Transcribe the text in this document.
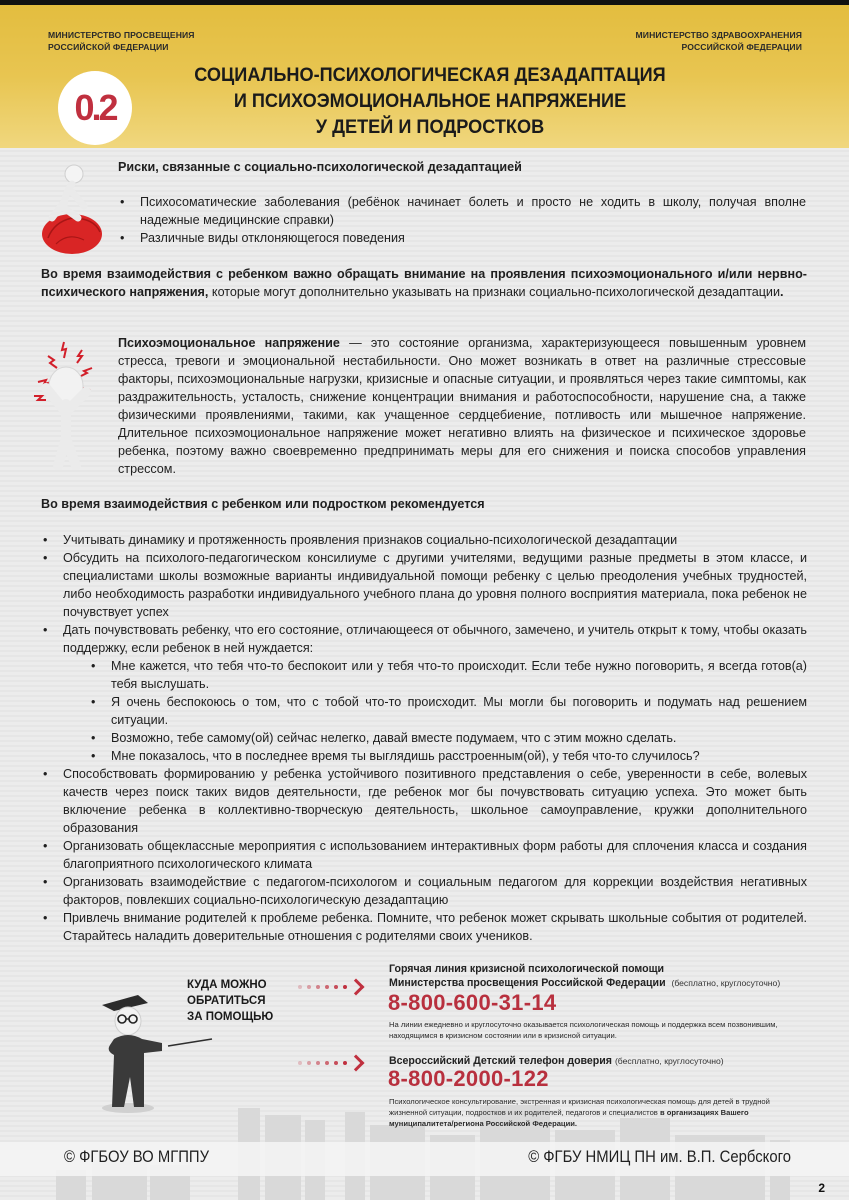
МИНИСТЕРСТВО ПРОСВЕЩЕНИЯ
РОССИЙСКОЙ ФЕДЕРАЦИИ
МИНИСТЕРСТВО ЗДРАВООХРАНЕНИЯ
РОССИЙСКОЙ ФЕДЕРАЦИИ
0.2
СОЦИАЛЬНО-ПСИХОЛОГИЧЕСКАЯ ДЕЗАДАПТАЦИЯ
И ПСИХОЭМОЦИОНАЛЬНОЕ НАПРЯЖЕНИЕ
У ДЕТЕЙ И ПОДРОСТКОВ
Риски, связанные с социально-психологической дезадаптацией
• Психосоматические заболевания (ребёнок начинает болеть и просто не ходить в школу, получая вполне надежные медицинские справки)
• Различные виды отклоняющегося поведения

Во время взаимодействия с ребенком важно обращать внимание на проявления психоэмоционального и/или нервно-психического напряжения, которые могут дополнительно указывать на признаки социально-психологической дезадаптации.

Психоэмоциональное напряжение — это состояние организма, характеризующееся повышенным уровнем стресса, тревоги и эмоциональной нестабильности. Оно может возникать в ответ на различные стрессовые факторы, психоэмоциональные нагрузки, кризисные и опасные ситуации, и проявляться через такие симптомы, как раздражительность, усталость, снижение концентрации внимания и работоспособности, нарушение сна, а также физическими проявлениями, такими, как учащенное сердцебиение, потливость или мышечное напряжение. Длительное психоэмоциональное напряжение может негативно влиять на физическое и психическое здоровье ребенка, поэтому важно своевременно предпринимать меры для его снижения и поиска способов управления стрессом.

Во время взаимодействия с ребенком или подростком рекомендуется
• Учитывать динамику и протяженность проявления признаков социально-психологической дезадаптации
• Обсудить на психолого-педагогическом консилиуме с другими учителями, ведущими разные предметы в этом классе, и специалистами школы возможные варианты индивидуальной помощи ребенку с целью преодоления учебных трудностей, либо необходимость разработки индивидуального учебного плана до уровня полного восприятия материала, пока ребенок не почувствует успех
• Дать почувствовать ребенку, что его состояние, отличающееся от обычного, замечено, и учитель открыт к тому, чтобы оказать поддержку, если ребенок в ней нуждается:
• Мне кажется, что тебя что-то беспокоит или у тебя что-то происходит. Если тебе нужно поговорить, я всегда готов(а) тебя выслушать.
• Я очень беспокоюсь о том, что с тобой что-то происходит. Мы могли бы поговорить и подумать над решением ситуации.
• Возможно, тебе самому(ой) сейчас нелегко, давай вместе подумаем, что с этим можно сделать.
• Мне показалось, что в последнее время ты выглядишь расстроенным(ой), у тебя что-то случилось?
• Способствовать формированию у ребенка устойчивого позитивного представления о себе, уверенности в себе, волевых качеств через поиск таких видов деятельности, где ребенок мог бы почувствовать ситуацию успеха. Это может быть включение ребенка в коллективно-творческую деятельность, школьное самоуправление, кружки дополнительного образования
• Организовать общеклассные мероприятия с использованием интерактивных форм работы для сплочения класса и создания благоприятного психологического климата
• Организовать взаимодействие с педагогом-психологом и социальным педагогом для коррекции воздействия негативных факторов, повлекших социально-психологическую дезадаптацию
• Привлечь внимание родителей к проблеме ребенка. Помните, что ребенок может скрывать школьные события от родителей. Старайтесь наладить доверительные отношения с родителями своих учеников.
КУДА МОЖНО
ОБРАТИТЬСЯ
ЗА ПОМОЩЬЮ
Горячая линия кризисной психологической помощи
Министерства просвещения Российской Федерации (бесплатно, круглосуточно)
8-800-600-31-14
На линии ежедневно и круглосуточно оказывается психологическая помощь и поддержка всем позвонившим, находящимся в кризисном состоянии или в кризисной ситуации.
Всероссийский Детский телефон доверия (бесплатно, круглосуточно)
8-800-2000-122
Психологическое консультирование, экстренная и кризисная психологическая помощь для детей в трудной жизненной ситуации, подростков и их родителей, педагогов и специалистов в организациях Вашего муниципалитета/региона Российской Федерации.
© ФГБОУ ВО МГППУ	© ФГБУ НМИЦ ПН им. В.П. Сербского
2
